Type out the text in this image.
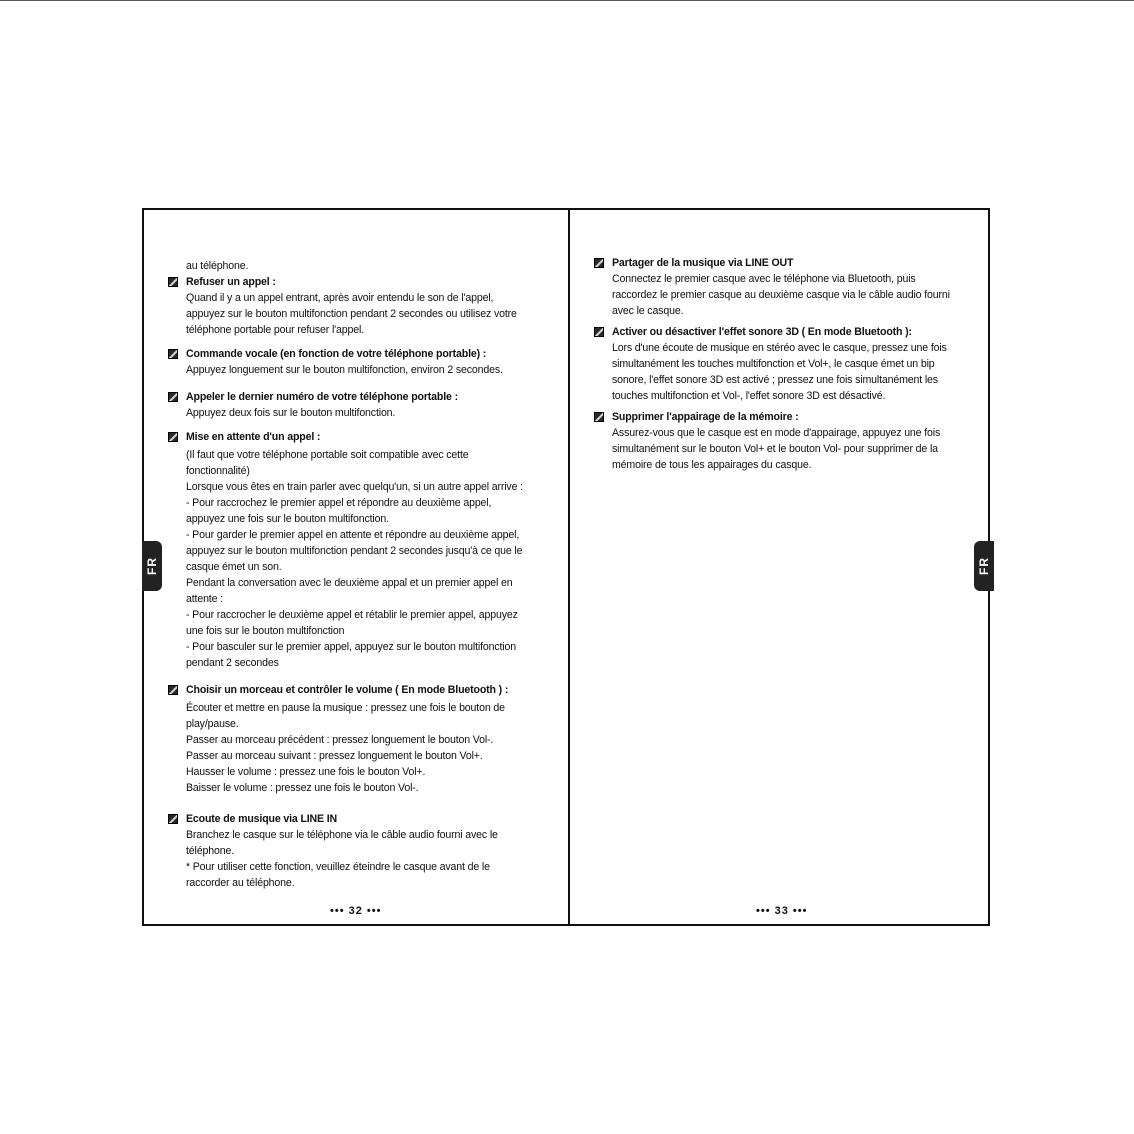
au téléphone.
Refuser un appel :
Quand il y a un appel entrant, après avoir entendu le son de l'appel,
appuyez sur le bouton multifonction pendant 2 secondes ou utilisez votre
téléphone portable pour refuser l'appel.
Commande vocale (en fonction de votre téléphone portable) :
Appuyez longuement sur le bouton multifonction, environ 2 secondes.
Appeler le dernier numéro de votre téléphone portable :
Appuyez deux fois sur le bouton multifonction.
Mise en attente d'un appel :
(Il faut que votre téléphone portable soit compatible avec cette
fonctionnalité)
Lorsque vous êtes en train parler avec quelqu'un, si un autre appel arrive :
- Pour raccrochez le premier appel et répondre au deuxième appel,
appuyez une fois sur le bouton multifonction.
- Pour garder le premier appel en attente et répondre au deuxième appel,
appuyez sur le bouton multifonction pendant 2 secondes jusqu'à ce que le
casque émet un son.
Pendant la conversation avec le deuxième appal et un premier appel en
attente :
- Pour raccrocher le deuxième appel et rétablir le premier appel, appuyez
une fois sur le bouton multifonction
- Pour basculer sur le premier appel, appuyez sur le bouton multifonction
pendant 2 secondes
Choisir un morceau et contrôler le volume ( En mode Bluetooth ) :
Écouter et mettre en pause la musique : pressez une fois le bouton de
play/pause.
Passer au morceau précédent : pressez longuement le bouton Vol-.
Passer au morceau suivant : pressez longuement le bouton Vol+.
Hausser le volume : pressez une fois le bouton Vol+.
Baisser le volume : pressez une fois le bouton Vol-.
Ecoute de musique via LINE IN
Branchez le casque sur le téléphone via le câble audio fourni avec le
téléphone.
* Pour utiliser cette fonction, veuillez éteindre le casque avant de le
raccorder au téléphone.
••• 32 •••
Partager de la musique via LINE OUT
Connectez le premier casque avec le téléphone via Bluetooth, puis
raccordez le premier casque au deuxième casque via le câble audio fourni
avec le casque.
Activer ou désactiver l'effet sonore 3D ( En mode Bluetooth ):
Lors d'une écoute de musique en stéréo avec le casque, pressez une fois
simultanément les touches multifonction et Vol+, le casque émet un bip
sonore, l'effet sonore 3D est activé ; pressez une fois simultanément les
touches multifonction et Vol-, l'effet sonore 3D est désactivé.
Supprimer l'appairage de la mémoire :
Assurez-vous que le casque est en mode d'appairage, appuyez une fois
simultanément sur le bouton Vol+ et le bouton Vol- pour supprimer de la
mémoire de tous les appairages du casque.
••• 33 •••
FR	FR
